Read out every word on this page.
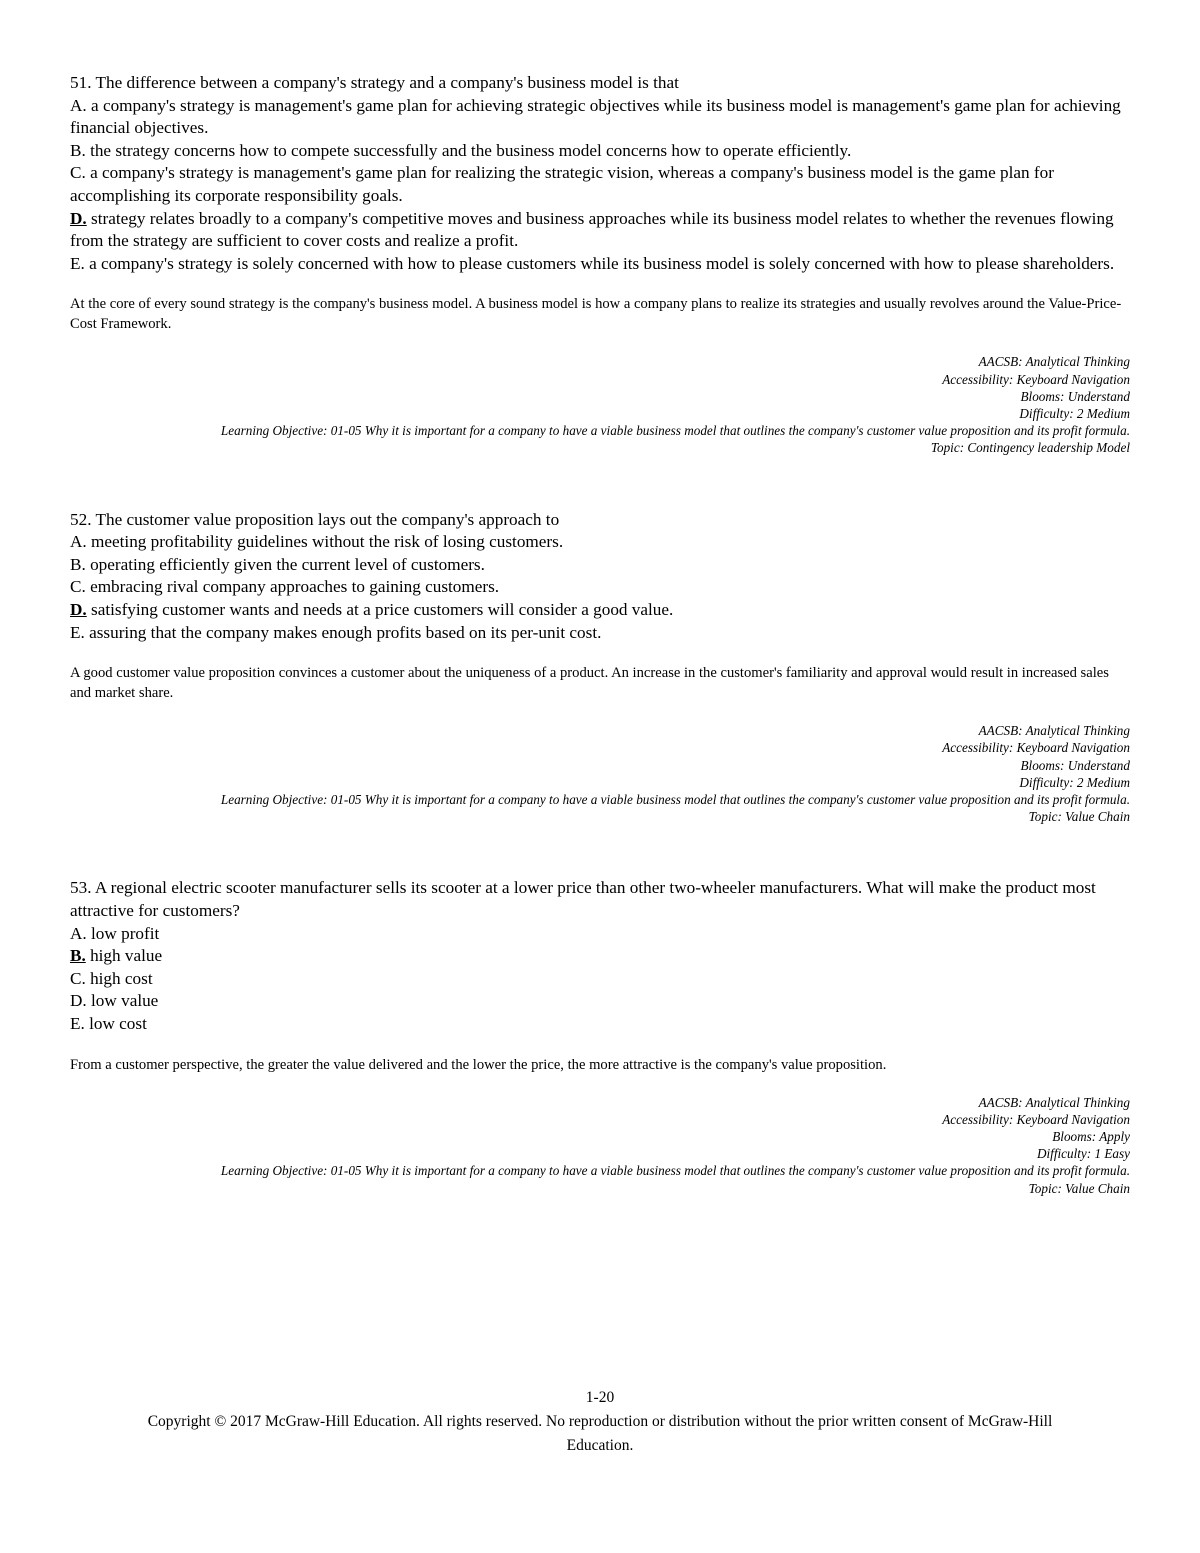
51. The difference between a company's strategy and a company's business model is that

A. a company's strategy is management's game plan for achieving strategic objectives while its business model is management's game plan for achieving financial objectives.

B. the strategy concerns how to compete successfully and the business model concerns how to operate efficiently.

C. a company's strategy is management's game plan for realizing the strategic vision, whereas a company's business model is the game plan for accomplishing its corporate responsibility goals.

D. strategy relates broadly to a company's competitive moves and business approaches while its business model relates to whether the revenues flowing from the strategy are sufficient to cover costs and realize a profit.

E. a company's strategy is solely concerned with how to please customers while its business model is solely concerned with how to please shareholders.

At the core of every sound strategy is the company's business model. A business model is how a company plans to realize its strategies and usually revolves around the Value-Price-Cost Framework.

AACSB: Analytical Thinking
Accessibility: Keyboard Navigation
Blooms: Understand
Difficulty: 2 Medium
Learning Objective: 01-05 Why it is important for a company to have a viable business model that outlines the company's customer value proposition and its profit formula.
Topic: Contingency leadership Model

52. The customer value proposition lays out the company's approach to

A. meeting profitability guidelines without the risk of losing customers.

B. operating efficiently given the current level of customers.

C. embracing rival company approaches to gaining customers.

D. satisfying customer wants and needs at a price customers will consider a good value.

E. assuring that the company makes enough profits based on its per-unit cost.

A good customer value proposition convinces a customer about the uniqueness of a product. An increase in the customer's familiarity and approval would result in increased sales and market share.

AACSB: Analytical Thinking
Accessibility: Keyboard Navigation
Blooms: Understand
Difficulty: 2 Medium
Learning Objective: 01-05 Why it is important for a company to have a viable business model that outlines the company's customer value proposition and its profit formula.
Topic: Value Chain

53. A regional electric scooter manufacturer sells its scooter at a lower price than other two-wheeler manufacturers. What will make the product most attractive for customers?

A. low profit

B. high value

C. high cost

D. low value

E. low cost

From a customer perspective, the greater the value delivered and the lower the price, the more attractive is the company's value proposition.

AACSB: Analytical Thinking
Accessibility: Keyboard Navigation
Blooms: Apply
Difficulty: 1 Easy
Learning Objective: 01-05 Why it is important for a company to have a viable business model that outlines the company's customer value proposition and its profit formula.
Topic: Value Chain
1-20
Copyright © 2017 McGraw-Hill Education. All rights reserved. No reproduction or distribution without the prior written consent of McGraw-Hill Education.
